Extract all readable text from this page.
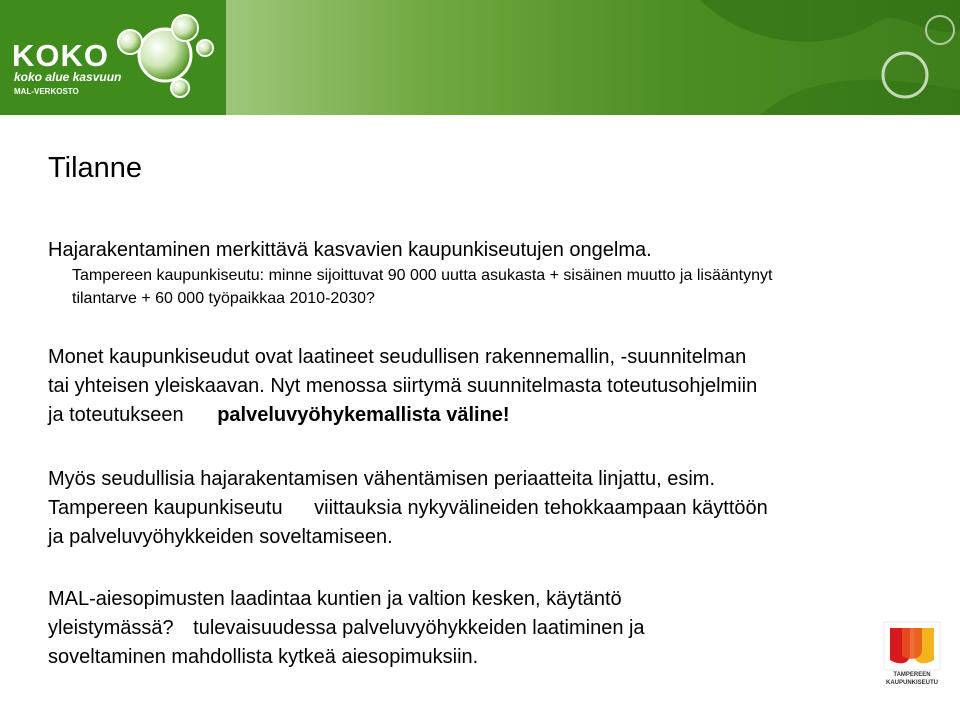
KOKO
koko alue kasvuun
MAL-VERKOSTO
Tilanne
Hajarakentaminen merkittävä kasvavien kaupunkiseutujen ongelma.
Tampereen kaupunkiseutu: minne sijoittuvat 90 000 uutta asukasta + sisäinen muutto ja lisääntynyt
tilantarve + 60 000 työpaikkaa 2010-2030?
Monet kaupunkiseudut ovat laatineet seudullisen rakennemallin, -suunnitelman
tai yhteisen yleiskaavan. Nyt menossa siirtymä suunnitelmasta toteutusohjelmiin
ja toteutukseen palveluvyöhykemallista väline!
Myös seudullisia hajarakentamisen vähentämisen periaatteita linjattu, esim.
Tampereen kaupunkiseutu viittauksia nykyvälineiden tehokkaampaan käyttöön
ja palveluvyöhykkeiden soveltamiseen.
MAL-aiesopimusten laadintaa kuntien ja valtion kesken, käytäntö
yleistymässä? tulevaisuudessa palveluvyöhykkeiden laatiminen ja
soveltaminen mahdollista kytkeä aiesopimuksiin.
TAMPEREEN
KAUPUNKISEUTU
